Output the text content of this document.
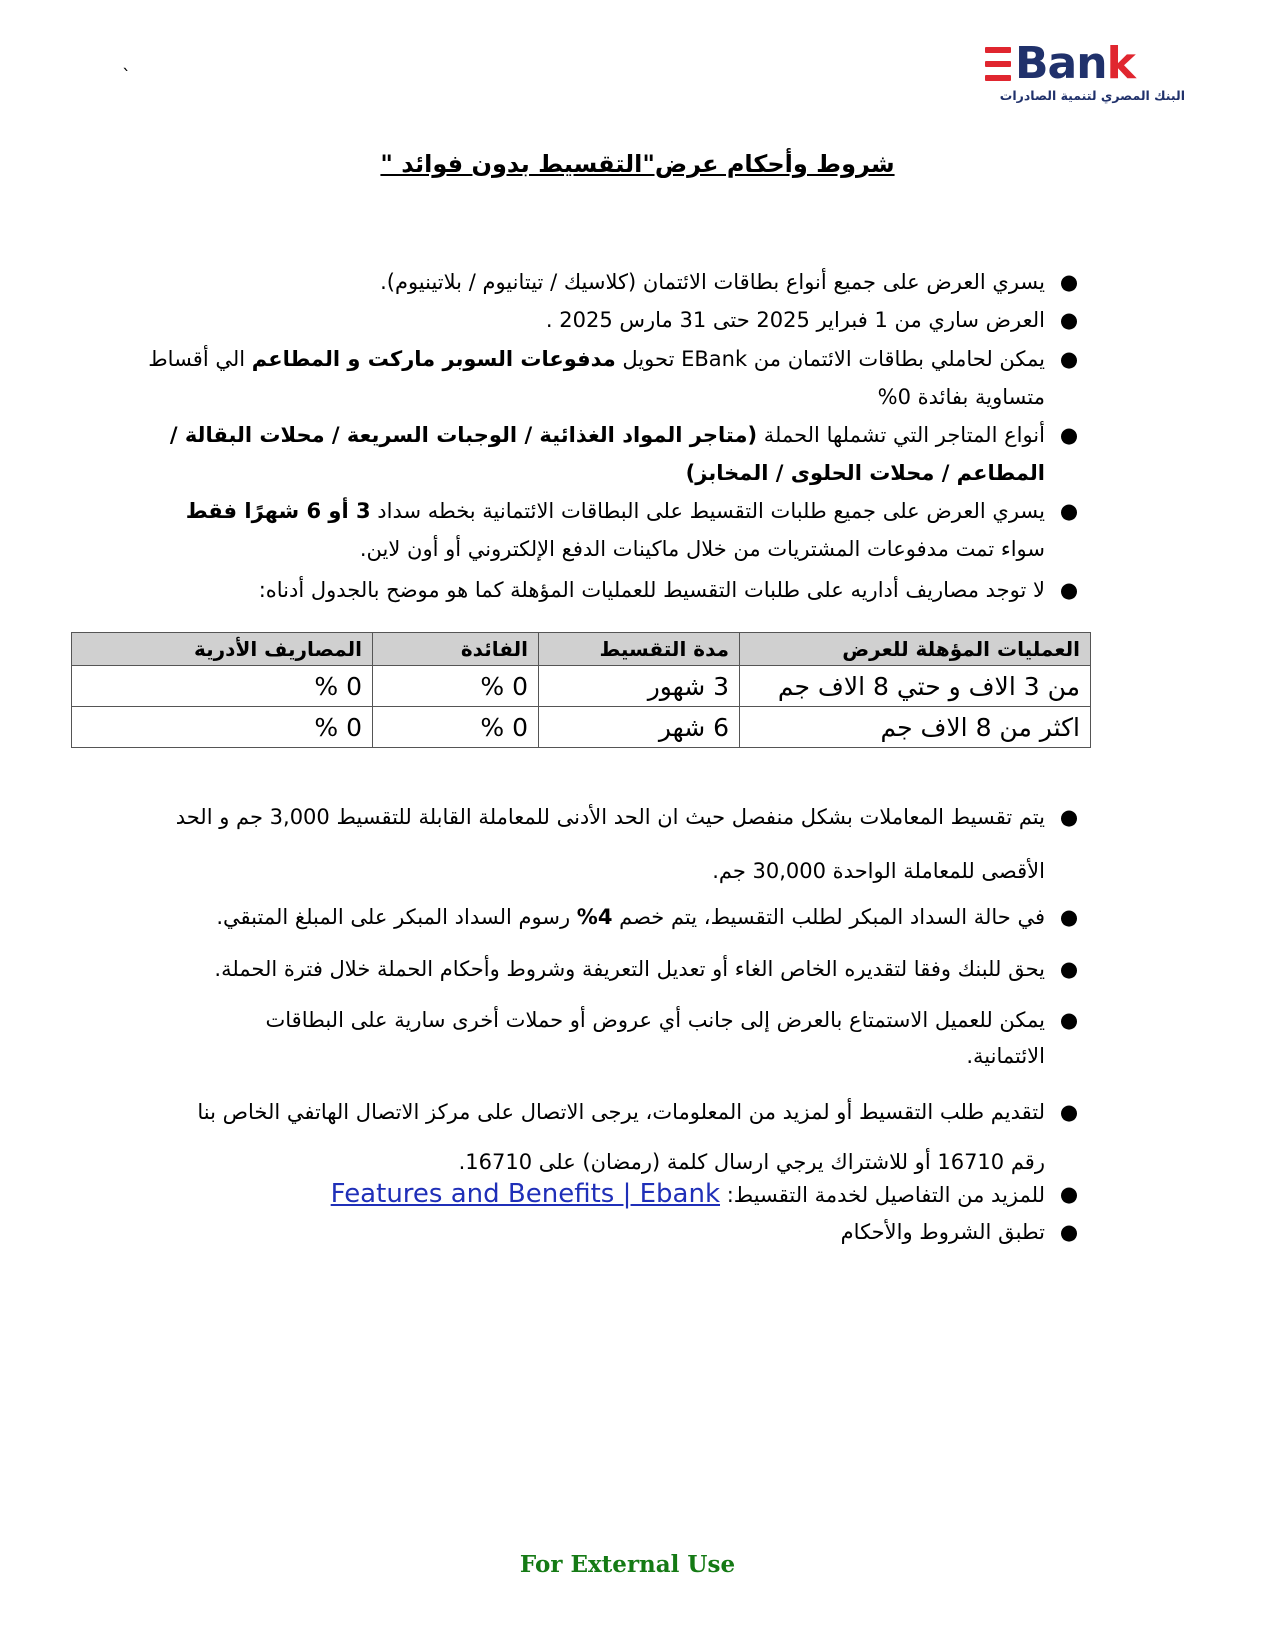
`	Bank
البنك المصري لتنمية الصادرات
شروط وأحكام عرض"التقسيط بدون فوائد "
●
يسري العرض على جميع أنواع بطاقات الائتمان (كلاسيك / تيتانيوم / بلاتينيوم).
●
العرض ساري من 1 فبراير 2025 حتى 31 مارس 2025 .
●
يمكن لحاملي بطاقات الائتمان من EBank تحويل مدفوعات السوبر ماركت و المطاعم الي أقساط
متساوية بفائدة 0%
●
أنواع المتاجر التي تشملها الحملة (متاجر المواد الغذائية / الوجبات السريعة / محلات البقالة /
المطاعم / محلات الحلوى / المخابز)
●
يسري العرض على جميع طلبات التقسيط على البطاقات الائتمانية بخطه سداد 3 أو 6 شهرًا فقط
سواء تمت مدفوعات المشتريات من خلال ماكينات الدفع الإلكتروني أو أون لاين.
●
لا توجد مصاريف أداريه على طلبات التقسيط للعمليات المؤهلة كما هو موضح بالجدول أدناه:
العمليات المؤهلة للعرض	مدة التقسيط	الفائدة	المصاريف الأدرية
من 3 الاف و حتي 8 الاف جم	3 شهور	0 %	0 %
اكثر من 8 الاف جم	6 شهر	0 %	0 %
●
يتم تقسيط المعاملات بشكل منفصل حيث ان الحد الأدنى للمعاملة القابلة للتقسيط 3,000 جم و الحد
الأقصى للمعاملة الواحدة 30,000 جم.
●
في حالة السداد المبكر لطلب التقسيط، يتم خصم 4% رسوم السداد المبكر على المبلغ المتبقي.
●
يحق للبنك وفقا لتقديره الخاص الغاء أو تعديل التعريفة وشروط وأحكام الحملة خلال فترة الحملة.
●
يمكن للعميل الاستمتاع بالعرض إلى جانب أي عروض أو حملات أخرى سارية على البطاقات
الائتمانية.
●
لتقديم طلب التقسيط أو لمزيد من المعلومات، يرجى الاتصال على مركز الاتصال الهاتفي الخاص بنا
رقم 16710 أو للاشتراك يرجي ارسال كلمة (رمضان) على 16710.
●
للمزيد من التفاصيل لخدمة التقسيط: Features and Benefits | Ebank
●
تطبق الشروط والأحكام
For External Use
